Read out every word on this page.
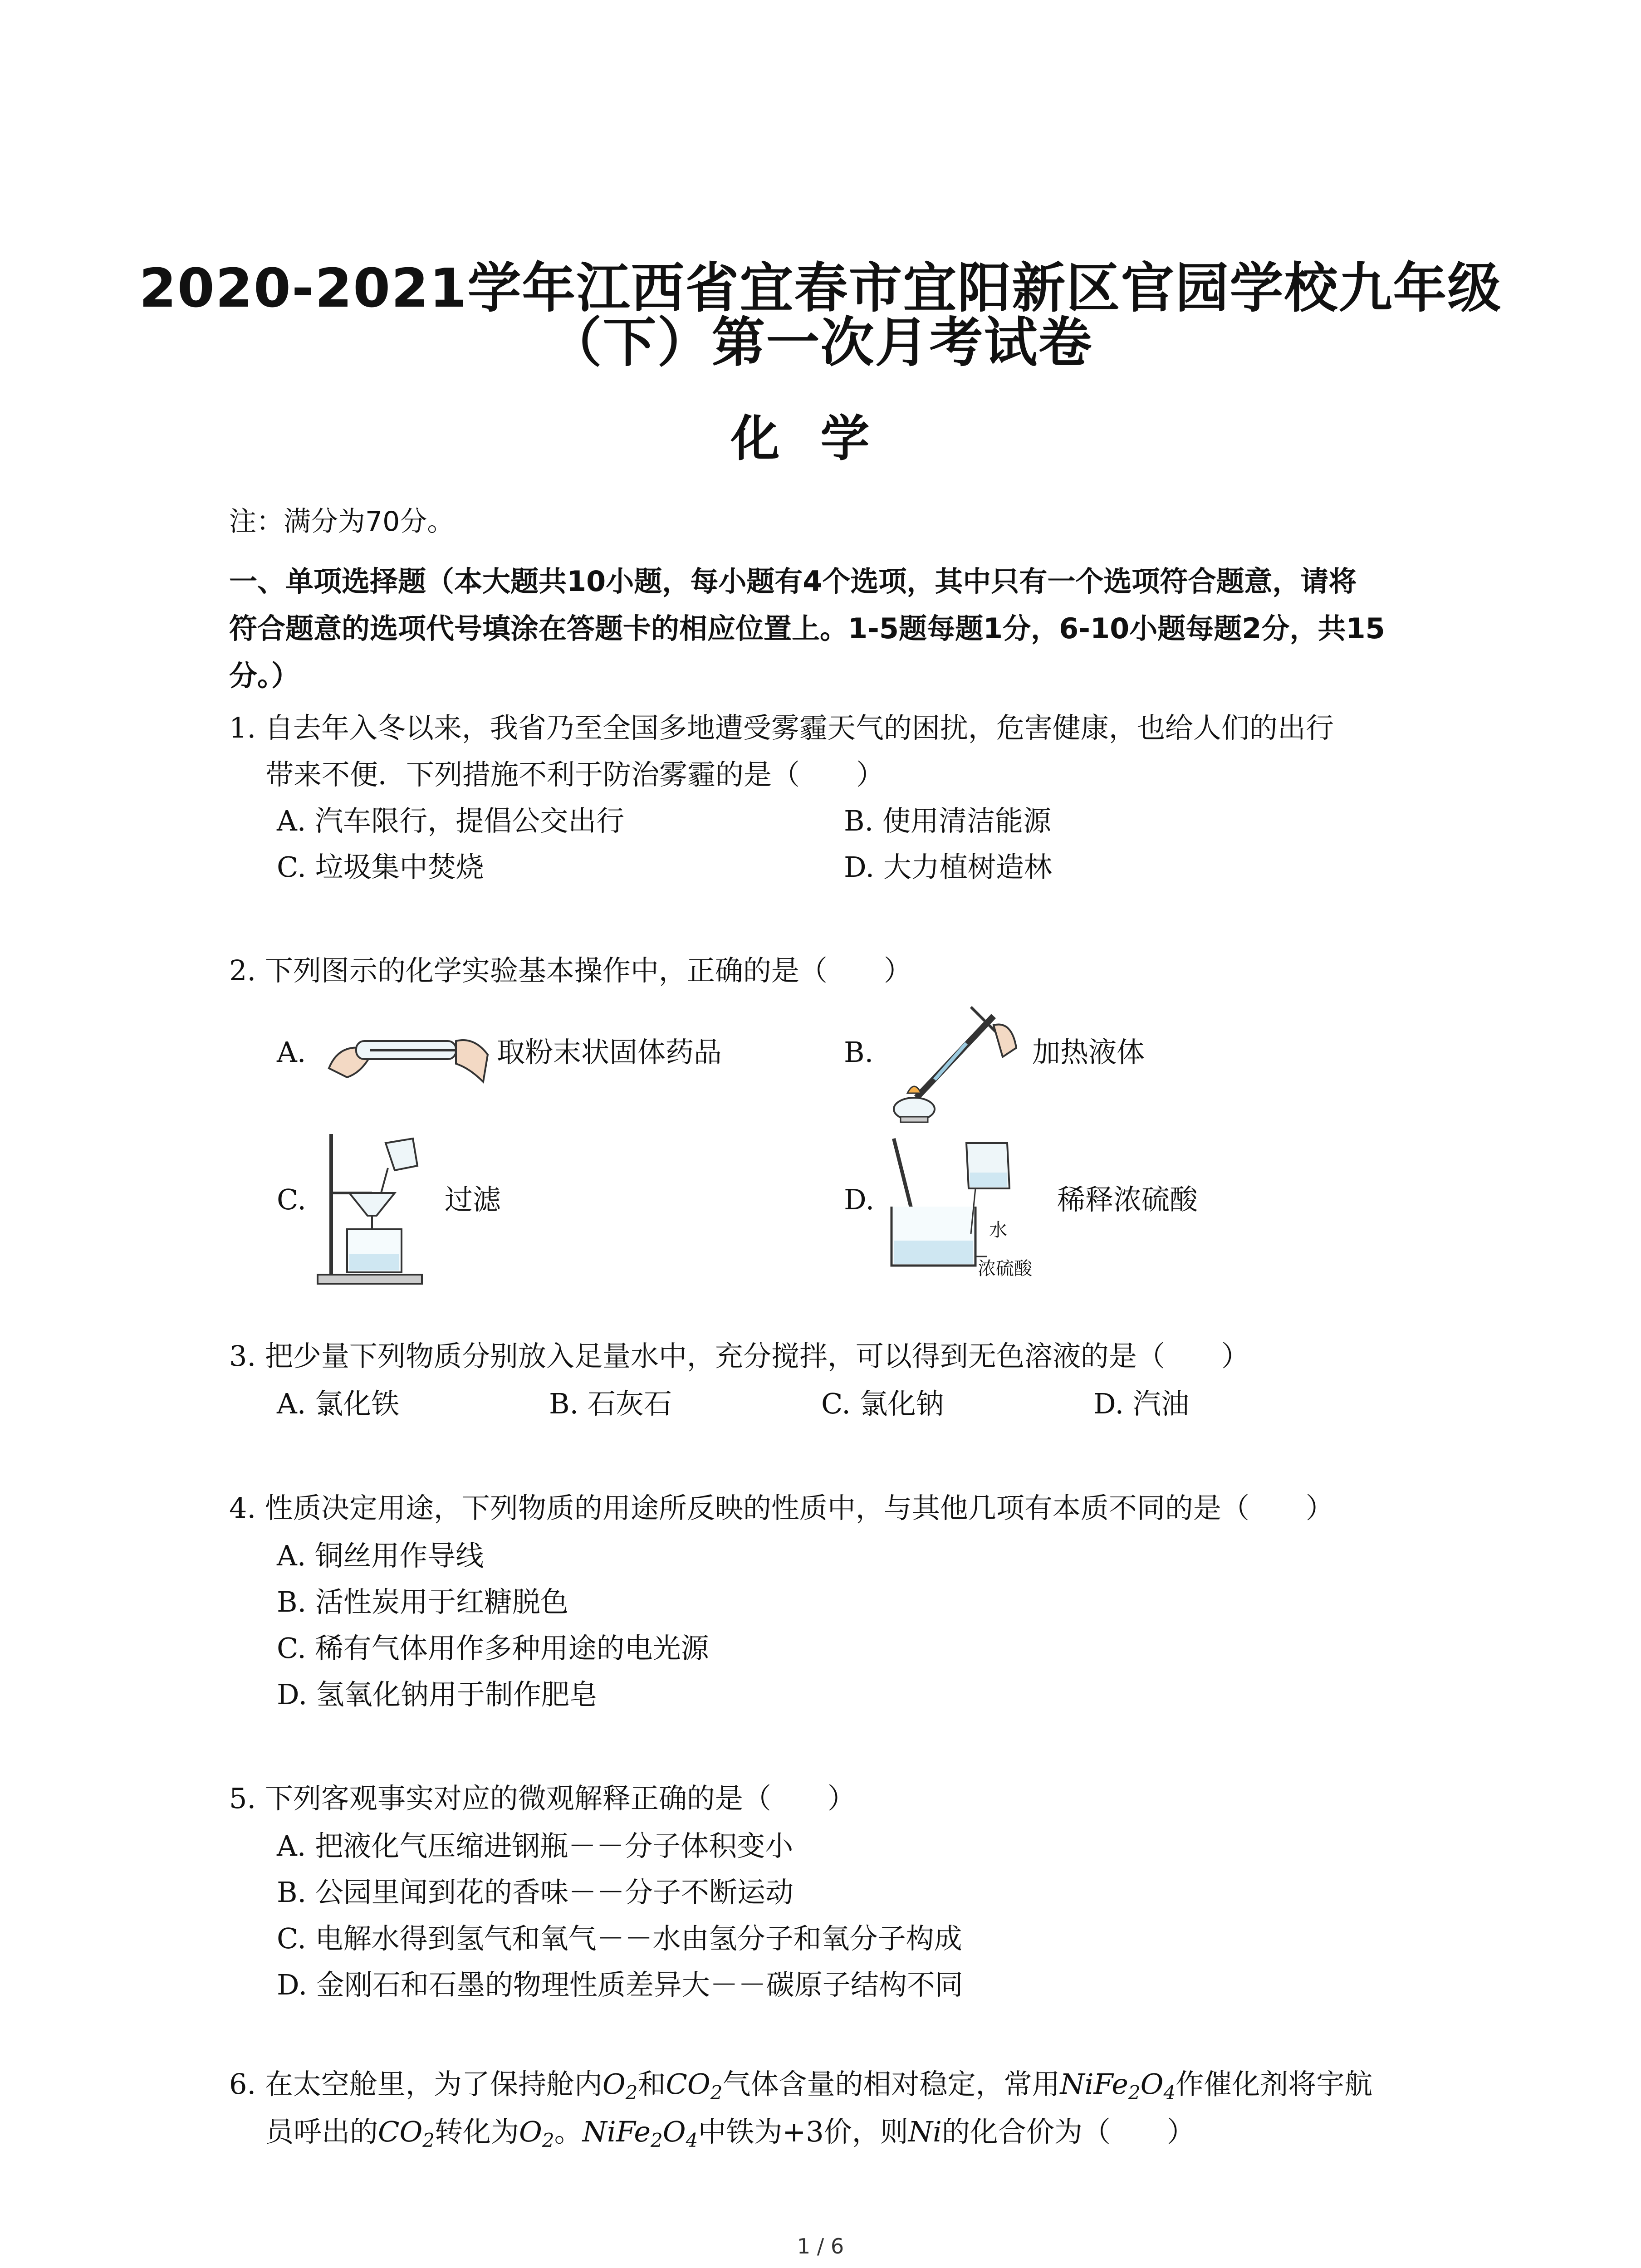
2020-2021学年江西省宜春市宜阳新区官园学校九年级
（下）第一次月考试卷
化学
注：满分为70分。
一、单项选择题（本大题共10小题，每小题有4个选项，其中只有一个选项符合题意，请将
符合题意的选项代号填涂在答题卡的相应位置上。1-5题每题1分，6-10小题每题2分，共15
分。）
1. 自去年入冬以来，我省乃至全国多地遭受雾霾天气的困扰，危害健康，也给人们的出行
带来不便．下列措施不利于防治雾霾的是（　　）
A. 汽车限行，提倡公交出行	B. 使用清洁能源
C. 垃圾集中焚烧	D. 大力植树造林
2. 下列图示的化学实验基本操作中，正确的是（　　）
A.	取粉末状固体药品	B.	加热液体
C.	过滤	D.
水
浓硫酸
稀释浓硫酸
3. 把少量下列物质分别放入足量水中，充分搅拌，可以得到无色溶液的是（　　）
A. 氯化铁	B. 石灰石	C. 氯化钠	D. 汽油
4. 性质决定用途，下列物质的用途所反映的性质中，与其他几项有本质不同的是（　　）
A. 铜丝用作导线
B. 活性炭用于红糖脱色
C. 稀有气体用作多种用途的电光源
D. 氢氧化钠用于制作肥皂
5. 下列客观事实对应的微观解释正确的是（　　）
A. 把液化气压缩进钢瓶－－分子体积变小
B. 公园里闻到花的香味－－分子不断运动
C. 电解水得到氢气和氧气－－水由氢分子和氧分子构成
D. 金刚石和石墨的物理性质差异大－－碳原子结构不同
6. 在太空舱里，为了保持舱内$O_2$和$CO_2$气体含量的相对稳定，常用$NiFe_2O_4$作催化剂将宇航
员呼出的$CO_2$转化为$O_2$。$NiFe_2O_4$中铁为+3价，则Ni的化合价为（　　）
1 / 6
